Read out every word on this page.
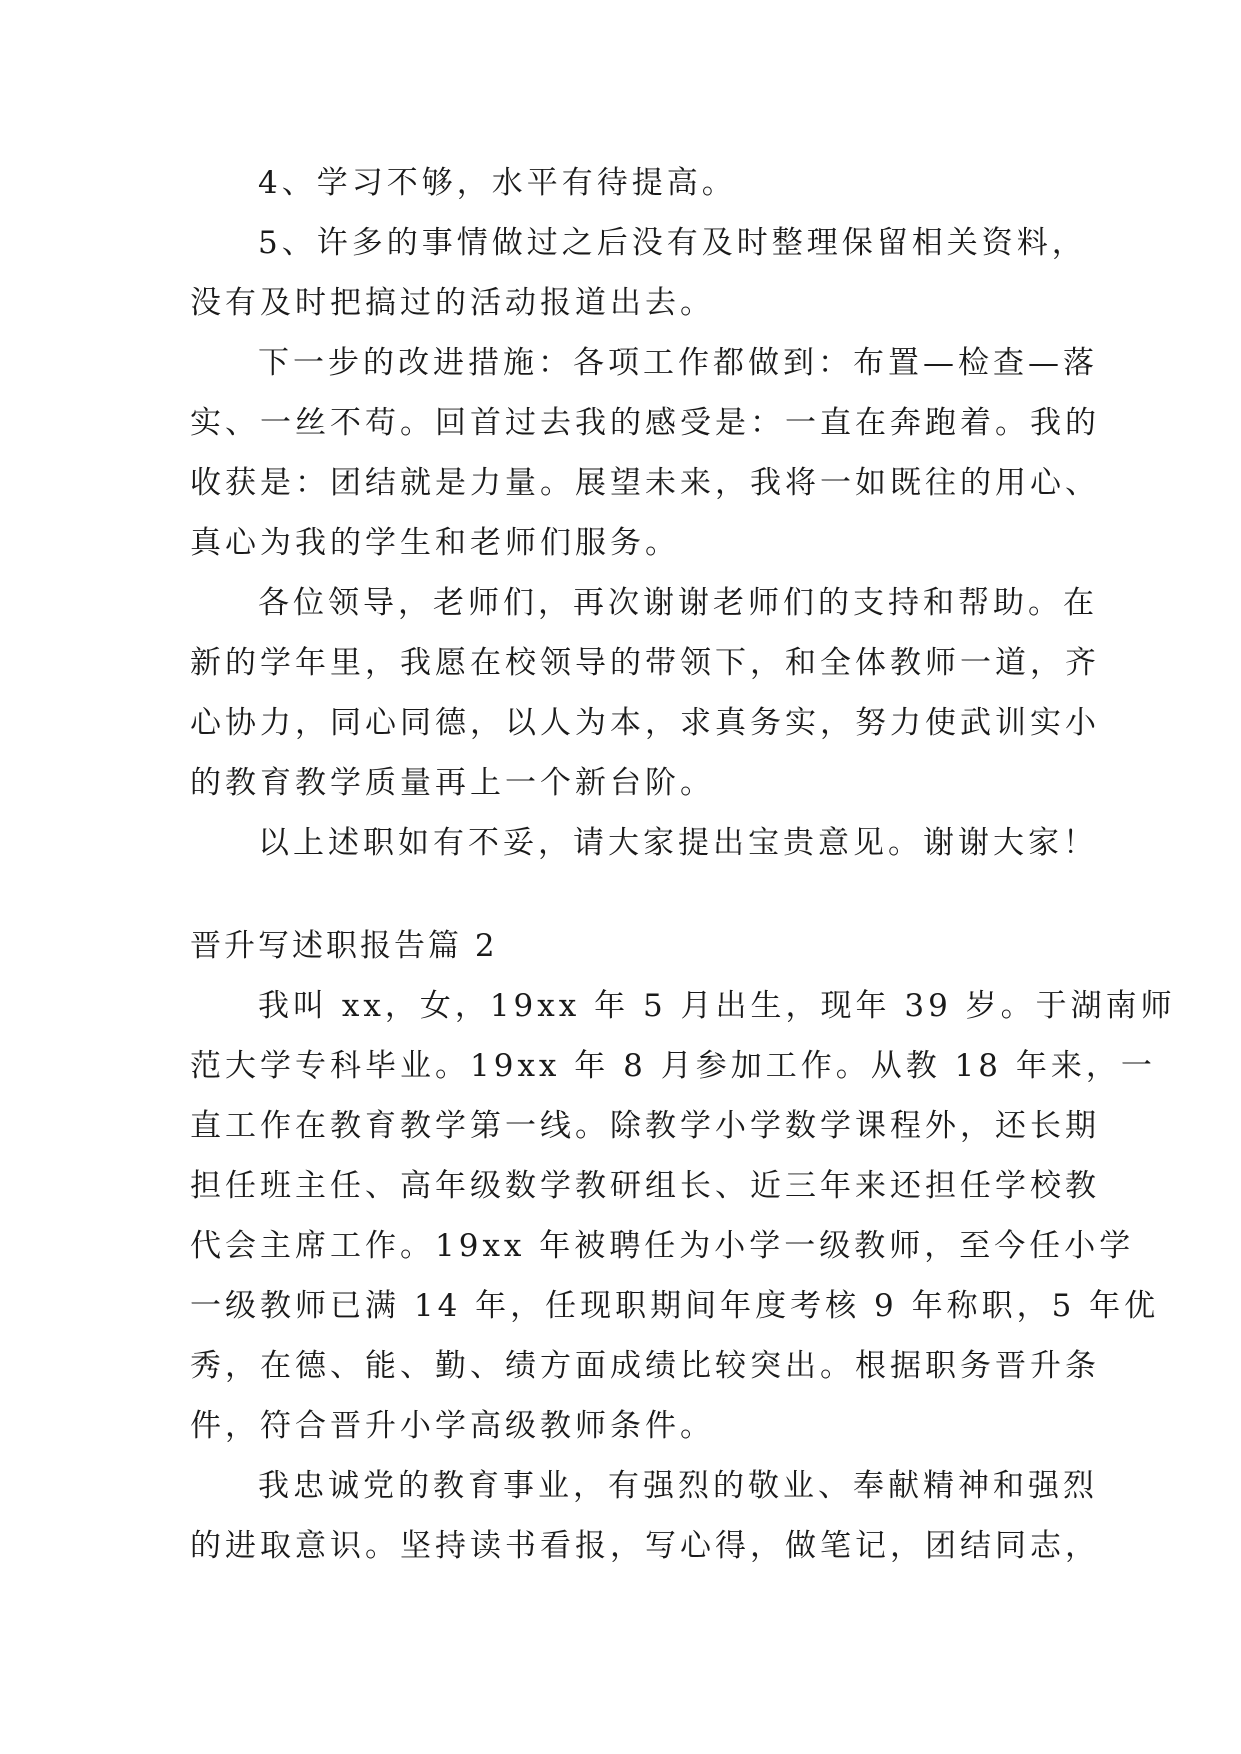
4、学习不够，水平有待提高。
5、许多的事情做过之后没有及时整理保留相关资料，
没有及时把搞过的活动报道出去。
下一步的改进措施：各项工作都做到：布置—检查—落
实、一丝不苟。回首过去我的感受是：一直在奔跑着。我的
收获是：团结就是力量。展望未来，我将一如既往的用心、
真心为我的学生和老师们服务。
各位领导，老师们，再次谢谢老师们的支持和帮助。在
新的学年里，我愿在校领导的带领下，和全体教师一道，齐
心协力，同心同德，以人为本，求真务实，努力使武训实小
的教育教学质量再上一个新台阶。
以上述职如有不妥，请大家提出宝贵意见。谢谢大家！
晋升写述职报告篇 2
我叫 xx，女，19xx 年 5 月出生，现年 39 岁。于湖南师
范大学专科毕业。19xx 年 8 月参加工作。从教 18 年来，一
直工作在教育教学第一线。除教学小学数学课程外，还长期
担任班主任、高年级数学教研组长、近三年来还担任学校教
代会主席工作。19xx 年被聘任为小学一级教师，至今任小学
一级教师已满 14 年，任现职期间年度考核 9 年称职，5 年优
秀，在德、能、勤、绩方面成绩比较突出。根据职务晋升条
件，符合晋升小学高级教师条件。
我忠诚党的教育事业，有强烈的敬业、奉献精神和强烈
的进取意识。坚持读书看报，写心得，做笔记，团结同志，
